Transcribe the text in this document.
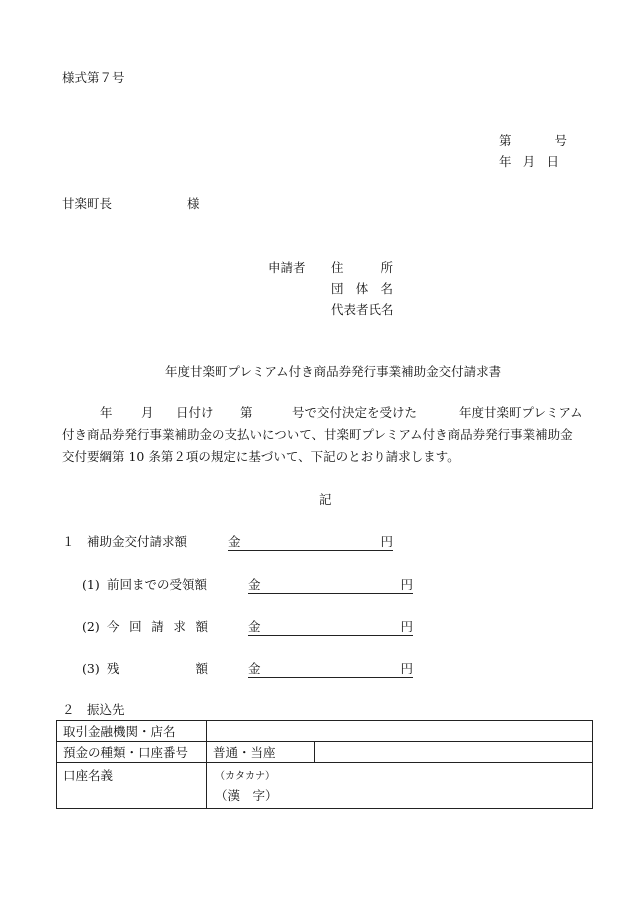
様式第７号
第	号
年 月 日
甘楽町長	様
申請者 住	所
団 体 名
代表者氏名
年度甘楽町プレミアム付き商品券発行事業補助金交付請求書
年 月 日付け 第	号で交付決定を受けた	年度甘楽町プレミアム
付き商品券発行事業補助金の支払いについて、甘楽町プレミアム付き商品券発行事業補助金
交付要綱第 10 条第２項の規定に基づいて、下記のとおり請求します。
記
１　補助金交付請求額	金	円
(1) 前回までの受領額	金	円
(2) 今 回 請 求 額	金	円
(3) 残	額	金	円
２　振込先
取引金融機関・店名		
預金の種類・口座番号	普通・当座	
口座名義	（カタカナ）
（漢　字）	
